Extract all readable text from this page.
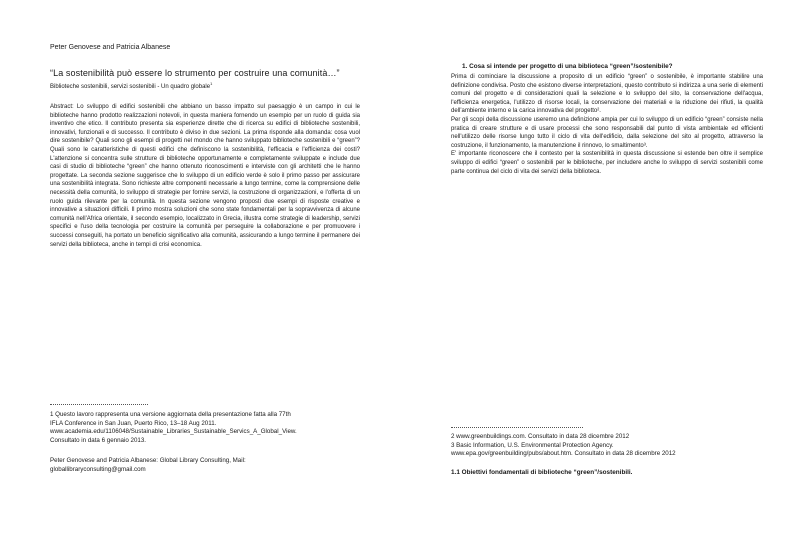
Peter Genovese and Patricia Albanese
“La sostenibilità può essere lo strumento per costruire una comunità…”
Biblioteche sostenibili, servizi sostenibili - Un quadro globale$^1$

Abstract: Lo sviluppo di edifici sostenibili che abbiano un basso impatto sul paesaggio è un campo in cui le biblioteche hanno prodotto realizzazioni notevoli, in questa maniera fornendo un esempio per un ruolo di guida sia inventivo che etico. Il contributo presenta sia esperienze dirette che di ricerca su edifici di biblioteche sostenibili, innovativi, funzionali e di successo. Il contributo è diviso in due sezioni. La prima risponde alla domanda: cosa vuol dire sostenibile? Quali sono gli esempi di progetti nel mondo che hanno sviluppato biblioteche sostenibili e “green”? Quali sono le caratteristiche di questi edifici che definiscono la sostenibilità, l'efficacia e l'efficienza dei costi? L'attenzione si concentra sulle strutture di biblioteche opportunamente e completamente sviluppate e include due casi di studio di biblioteche “green” che hanno ottenuto riconoscimenti e interviste con gli architetti che le hanno progettate. La seconda sezione suggerisce che lo sviluppo di un edificio verde è solo il primo passo per assicurare una sostenibilità integrata. Sono richieste altre componenti necessarie a lungo termine, come la comprensione delle necessità della comunità, lo sviluppo di strategie per fornire servizi, la costruzione di organizzazioni, e l'offerta di un ruolo guida rilevante per la comunità. In questa sezione vengono proposti due esempi di risposte creative e innovative a situazioni difficili. Il primo mostra soluzioni che sono state fondamentali per la sopravvivenza di alcune comunità nell'Africa orientale, il secondo esempio, localizzato in Grecia, illustra come strategie di leadership, servizi specifici e l'uso della tecnologia per costruire la comunità per perseguire la collaborazione e per promuovere i successi conseguiti, ha portato un beneficio significativo alla comunità, assicurando a lungo termine il permanere dei servizi della biblioteca, anche in tempi di crisi economica.

1 Questo lavoro rappresenta una versione aggiornata della presentazione fatta alla 77th

IFLA Conference in San Juan, Puerto Rico, 13–18 Aug 2011.

www.academia.edu/1106048/Sustainable_Libraries_Sustainable_Servics_A_Global_View.

Consultato in data 6 gennaio 2013.

Peter Genovese and Patricia Albanese: Global Library Consulting, Mail:

globallibraryconsulting@gmail.com

1. Cosa si intende per progetto di una biblioteca “green”/sostenibile?

Prima di cominciare la discussione a proposito di un edificio “green” o sostenibile, è importante stabilire una definizione condivisa. Posto che esistono diverse interpretazioni, questo contributo si indirizza a una serie di elementi comuni del progetto e di considerazioni quali la selezione e lo sviluppo del sito, la conservazione dell'acqua, l'efficienza energetica, l'utilizzo di risorse locali, la conservazione dei materiali e la riduzione dei rifiuti, la qualità dell'ambiente interno e la carica innovativa del progetto².

Per gli scopi della discussione useremo una definizione ampia per cui lo sviluppo di un edificio “green” consiste nella pratica di creare strutture e di usare processi che sono responsabili dal punto di vista ambientale ed efficienti nell'utilizzo delle risorse lungo tutto il ciclo di vita dell'edificio, dalla selezione del sito al progetto, attraverso la costruzione, il funzionamento, la manutenzione il rinnovo, lo smaltimento³.

E' importante riconoscere che il contesto per la sostenibilità in questa discussione si estende ben oltre il semplice sviluppo di edifici “green” o sostenibili per le biblioteche, per includere anche lo sviluppo di servizi sostenibili come parte continua del ciclo di vita dei servizi della biblioteca.

2 www.greenbuildings.com. Consultato in data 28 dicembre 2012

3 Basic Information, U.S. Environmental Protection Agency.

www.epa.gov/greenbuilding/pubs/about.htm. Consultato in data 28 dicembre 2012

1.1 Obiettivi fondamentali di biblioteche “green”/sostenibili.
